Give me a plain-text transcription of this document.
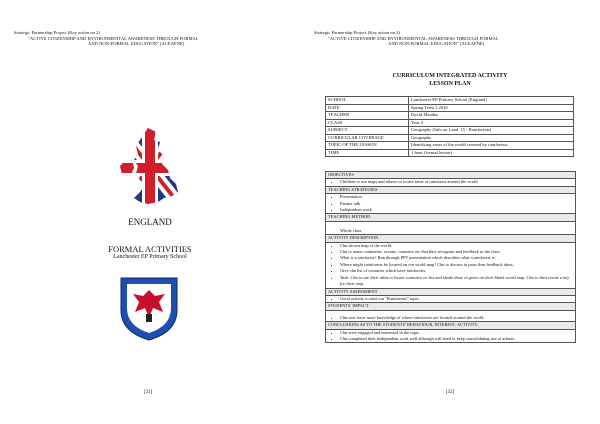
Strategic Partnership Project (Key action no 2)
"ACTIVE CITIZENSHIP AND ENVIRONMENTAL AWARENESS THROUGH FORMAL
AND NON-FORMAL EDUCATION" (ACEAFNE)
ENGLAND
FORMAL ACTIVITIES
Lanchester EP Primary School
[31]
Strategic Partnership Project (Key action no 2)
"ACTIVE CITIZENSHIP AND ENVIRONMENTAL AWARENESS THROUGH FORMAL
AND NON-FORMAL EDUCATION" (ACEAFNE)
[32]
CURRICULUM INTEGRATED ACTIVITY
LESSON PLAN
SCHOOL	Lanchester EP Primary School (England)
DATE	Spring Term 1 2016
TEACHER	David Mendus
CLASS	Year 4
SUBJECT	Geography (Info on Land. 15 - Rainforests)
CURRICULAR COVERAGE	Geography
TOPIC OF THE LESSON	Identifying areas of the world covered by rainforests
TIME	1 hour (formal lesson)
OBJECTIVES
• Children to use maps and atlases to locate areas of rainforest around the world.
TEACHING STRATEGIES
• Presentation
• Partner talk
• Independent work
TEACHING METHOD
Whole class
ACTIVITY DESCRIPTION
• Chn shown map of the world.
• Chn to name continents, oceans, countries etc that they recognise and feedback to the class.
• What is a rainforest? Run through PPT presentation which describes what a rainforest is.
• Where might rainforests be located on our world map? Chn to discuss in pairs then feedback ideas.
• Give chn list of countries which have rainforests.
• Task: Chn to use their atlas to locate countries on list and shade these in green on their blank world map. Chn to then create a key for their map.
ACTIVITY ASSESSMENT
• Good activity to start our "Rainforests" topic.
STUDENTS' IMPACT
• Chn now have more knowledge of where rainforests are located around the world.
CONCLUSIONS AS TO THE STUDENTS' BEHAVIOUR, INTEREST, ACTIVITY:
• Chn were engaged and interested in the topic.
• Chn completed their independent work well although will need to keep consolidating use of atlases.
